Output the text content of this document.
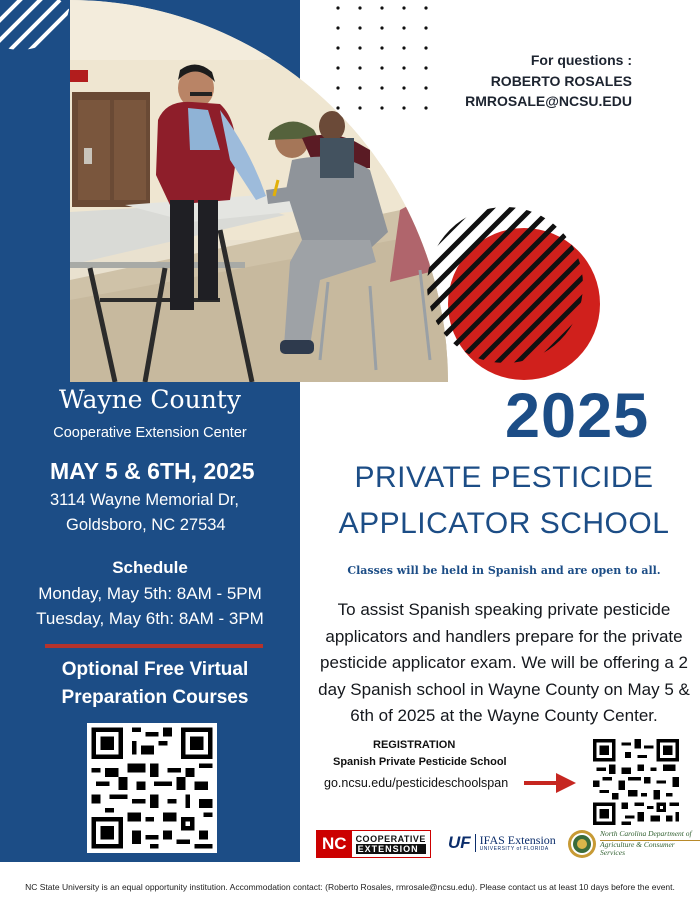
For questions :
ROBERTO ROSALES
RMROSALE@NCSU.EDU
Wayne County
Cooperative Extension Center
MAY 5 & 6TH, 2025
3114 Wayne Memorial Dr,
Goldsboro, NC 27534
Schedule
Monday, May 5th: 8AM - 5PM
Tuesday, May 6th: 8AM - 3PM
Optional Free Virtual
Preparation Courses
2025
PRIVATE PESTICIDE
APPLICATOR SCHOOL
Classes will be held in Spanish and are open to all.
To assist Spanish speaking private pesticide applicators and handlers prepare for the private pesticide applicator exam. We will be offering a 2 day Spanish school in Wayne County on May 5 & 6th of 2025 at the Wayne County Center.
REGISTRATION
Spanish Private Pesticide School
go.ncsu.edu/pesticideschoolspan
NC	COOPERATIVE
EXTENSION	UF IFAS Extension
UNIVERSITY of FLORIDA
North Carolina Department of
Agriculture & Consumer Services
NC State University is an equal opportunity institution. Accommodation contact: (Roberto Rosales, rmrosale@ncsu.edu). Please contact us at least 10 days before the event.
